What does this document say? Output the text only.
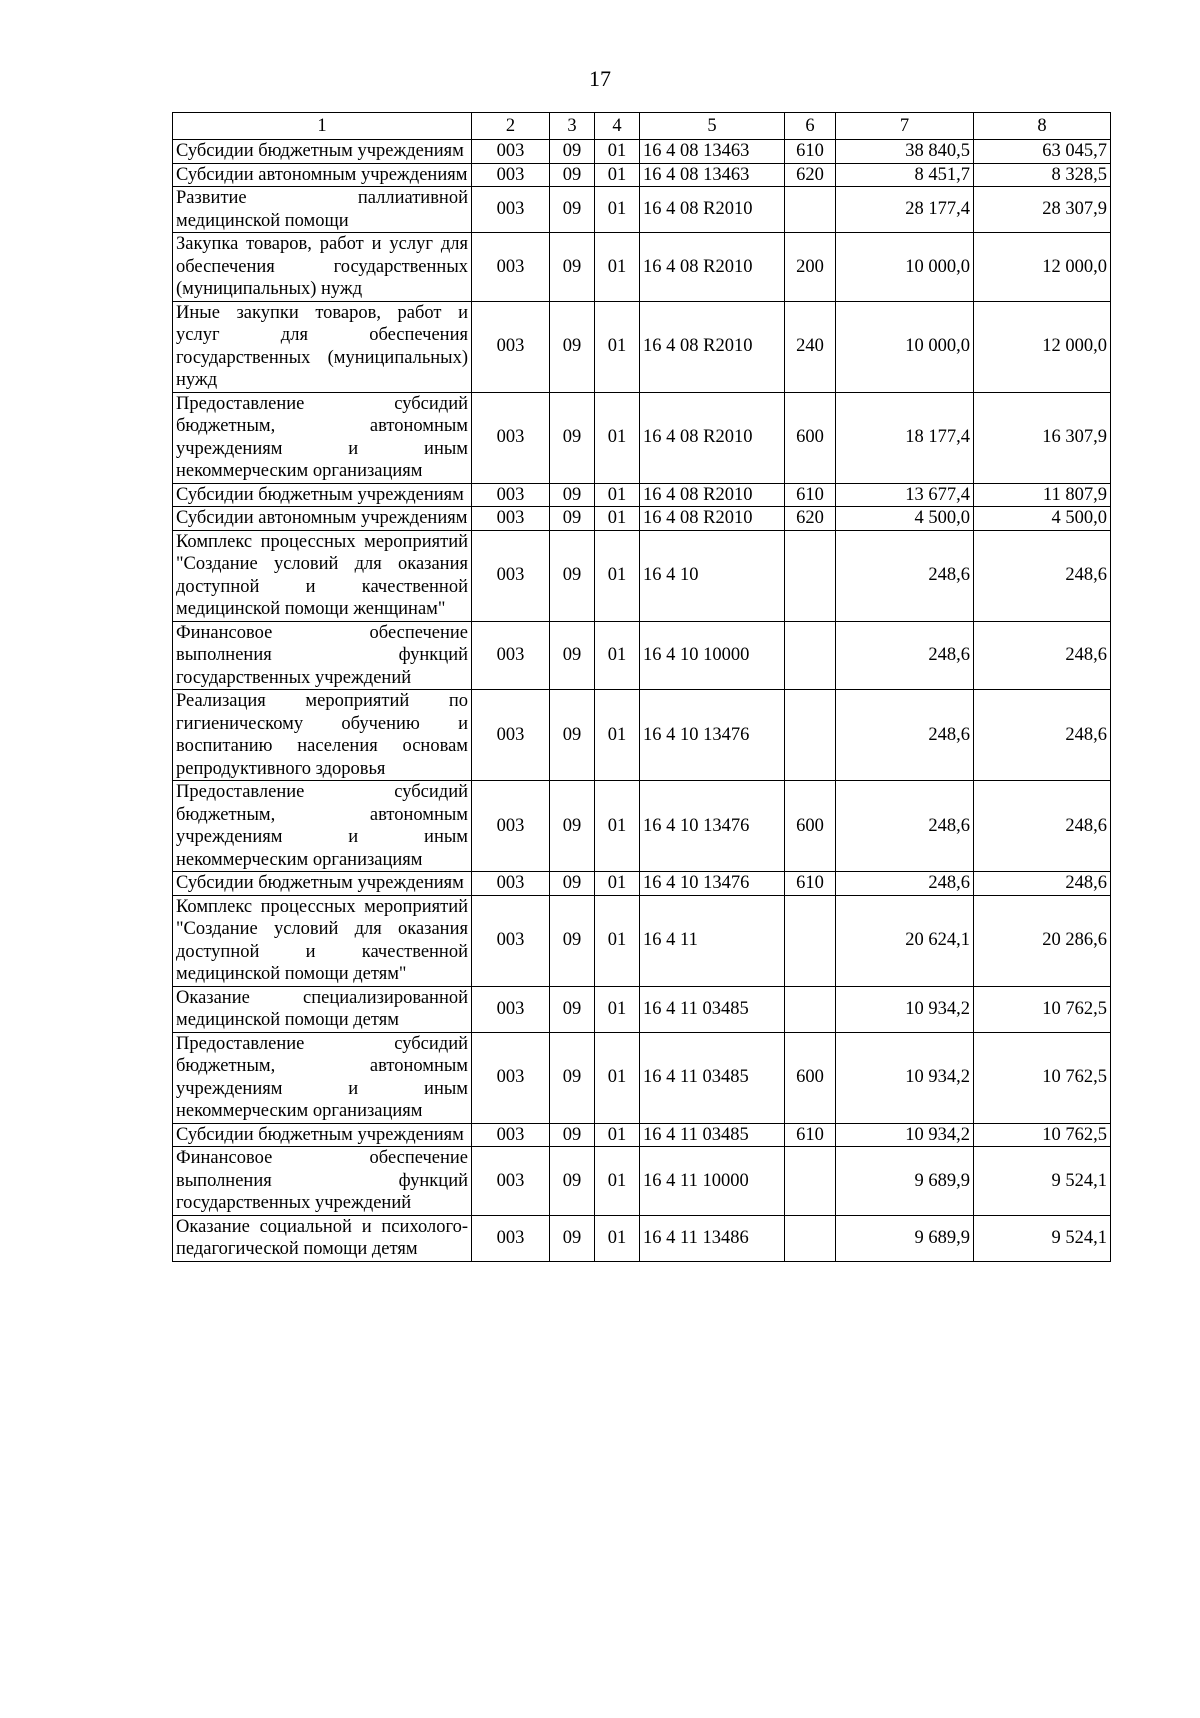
17
1	2	3	4	5	6	7	8
Субсидии бюджетным учреждениям	003	09	01	16 4 08 13463	610	38 840,5	63 045,7
Субсидии автономным учреждениям	003	09	01	16 4 08 13463	620	8 451,7	8 328,5
Развитие паллиативной медицинской помощи	003	09	01	16 4 08 R2010		28 177,4	28 307,9
Закупка товаров, работ и услуг для обеспечения государственных (муниципальных) нужд	003	09	01	16 4 08 R2010	200	10 000,0	12 000,0
Иные закупки товаров, работ и услуг для обеспечения государственных (муниципальных) нужд	003	09	01	16 4 08 R2010	240	10 000,0	12 000,0
Предоставление субсидий бюджетным, автономным учреждениям и иным некоммерческим организациям	003	09	01	16 4 08 R2010	600	18 177,4	16 307,9
Субсидии бюджетным учреждениям	003	09	01	16 4 08 R2010	610	13 677,4	11 807,9
Субсидии автономным учреждениям	003	09	01	16 4 08 R2010	620	4 500,0	4 500,0
Комплекс процессных мероприятий "Создание условий для оказания доступной и качественной медицинской помощи женщинам"	003	09	01	16 4 10		248,6	248,6
Финансовое обеспечение выполнения функций государственных учреждений	003	09	01	16 4 10 10000		248,6	248,6
Реализация мероприятий по гигиеническому обучению и воспитанию населения основам репродуктивного здоровья	003	09	01	16 4 10 13476		248,6	248,6
Предоставление субсидий бюджетным, автономным учреждениям и иным некоммерческим организациям	003	09	01	16 4 10 13476	600	248,6	248,6
Субсидии бюджетным учреждениям	003	09	01	16 4 10 13476	610	248,6	248,6
Комплекс процессных мероприятий "Создание условий для оказания доступной и качественной медицинской помощи детям"	003	09	01	16 4 11		20 624,1	20 286,6
Оказание специализированной медицинской помощи детям	003	09	01	16 4 11 03485		10 934,2	10 762,5
Предоставление субсидий бюджетным, автономным учреждениям и иным некоммерческим организациям	003	09	01	16 4 11 03485	600	10 934,2	10 762,5
Субсидии бюджетным учреждениям	003	09	01	16 4 11 03485	610	10 934,2	10 762,5
Финансовое обеспечение выполнения функций государственных учреждений	003	09	01	16 4 11 10000		9 689,9	9 524,1
Оказание социальной и психолого-педагогической помощи детям	003	09	01	16 4 11 13486		9 689,9	9 524,1
